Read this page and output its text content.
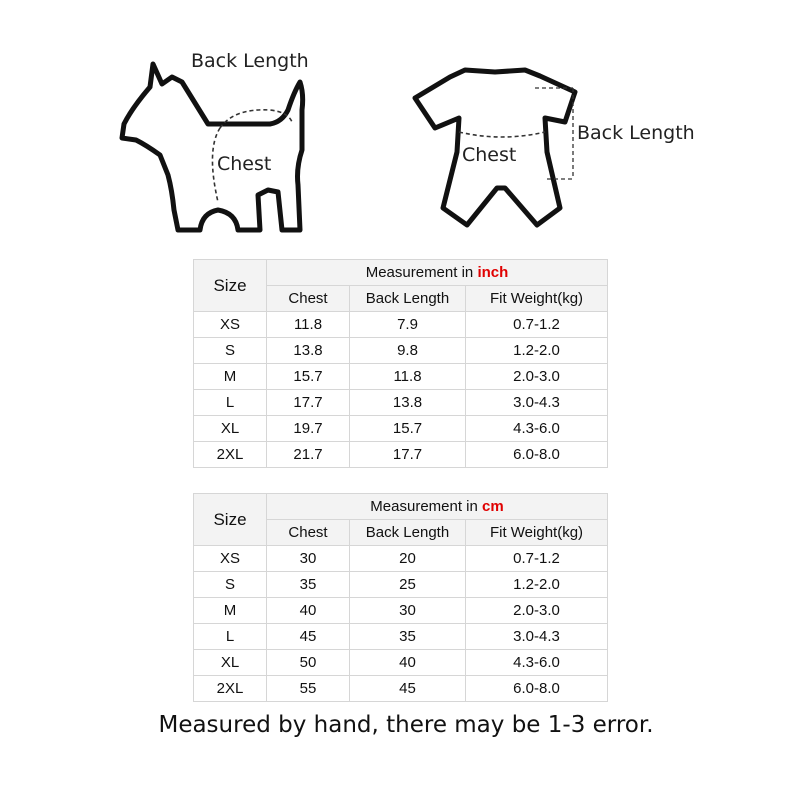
Back Length
Chest
Back Length
Chest
Size	Measurement in inch		
	Chest	Back Length	Fit Weight(kg)
XS	11.8	7.9	0.7-1.2
S	13.8	9.8	1.2-2.0
M	15.7	11.8	2.0-3.0
L	17.7	13.8	3.0-4.3
XL	19.7	15.7	4.3-6.0
2XL	21.7	17.7	6.0-8.0
Size	Measurement in cm		
	Chest	Back Length	Fit Weight(kg)
XS	30	20	0.7-1.2
S	35	25	1.2-2.0
M	40	30	2.0-3.0
L	45	35	3.0-4.3
XL	50	40	4.3-6.0
2XL	55	45	6.0-8.0
Measured by hand, there may be 1-3 error.
